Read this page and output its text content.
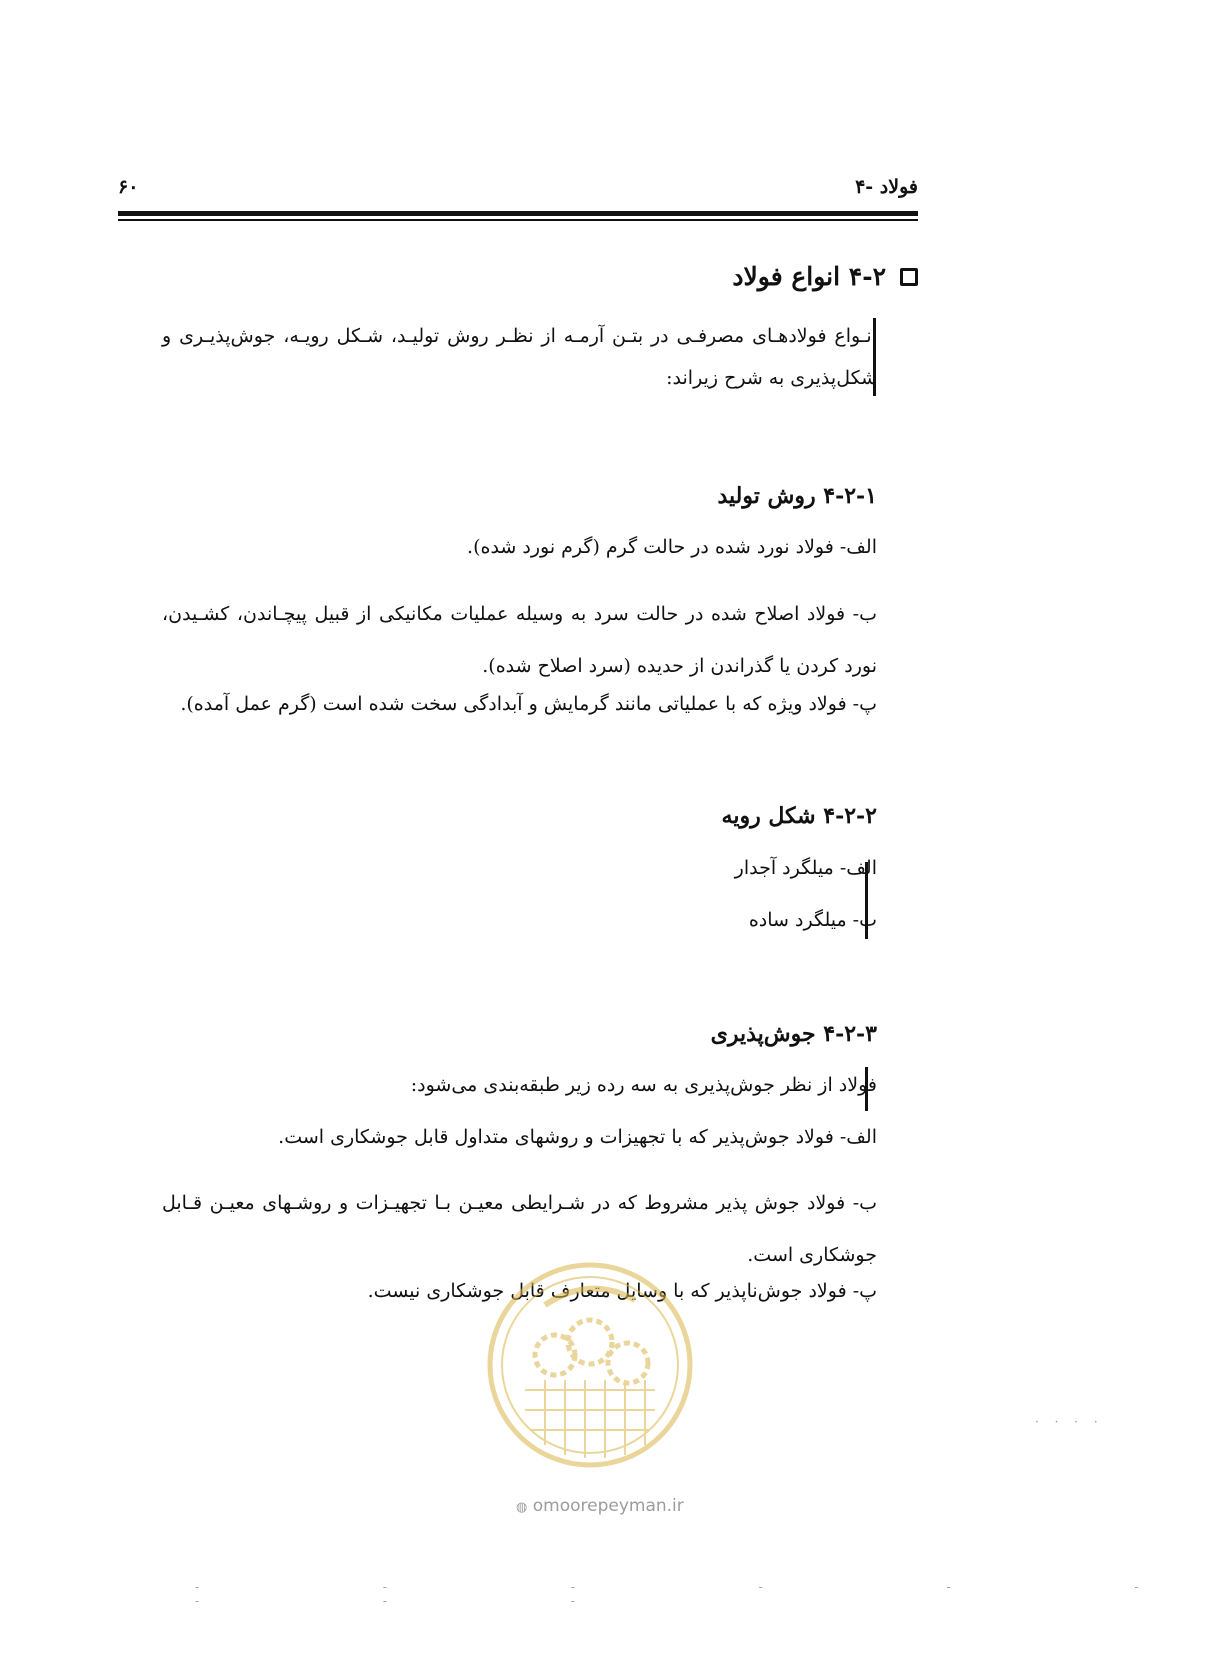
۶۰	۴- فولاد
۴-۲ انواع فولاد
انـواع فولادهـای مصرفـی در بتـن آرمـه از نظـر روش تولیـد، شـکل رویـه، جوش‌پذیـری و شکل‌پذیری به شرح زیراند:
۴-۲-۱ روش تولید
الف- فولاد نورد شده در حالت گرم (گرم نورد شده).
ب- فولاد اصلاح شده در حالت سرد به وسیله عملیات مکانیکی از قبیل پیچـاندن، کشـیدن، نورد کردن یا گذراندن از حدیده (سرد اصلاح شده).
پ- فولاد ویژه که با عملیاتی مانند گرمایش و آبدادگی سخت شده است (گرم عمل آمده).
۴-۲-۲ شکل رویه
الف- میلگرد آجدار
ب- میلگرد ساده
۴-۲-۳ جوش‌پذیری
فولاد از نظر جوش‌پذیری به سه رده زیر طبقه‌بندی می‌شود:
الف- فولاد جوش‌پذیر که با تجهیزات و روشهای متداول قابل جوشکاری است.
ب- فولاد جوش پذیر مشروط که در شـرایطی معیـن بـا تجهیـزات و روشـهای معیـن قـابل جوشکاری است.
پ- فولاد جوش‌ناپذیر که با وسایل متعارف قابل جوشکاری نیست.
◍ omoorepeyman.ir
· · · ·
- - - - - - - - -
